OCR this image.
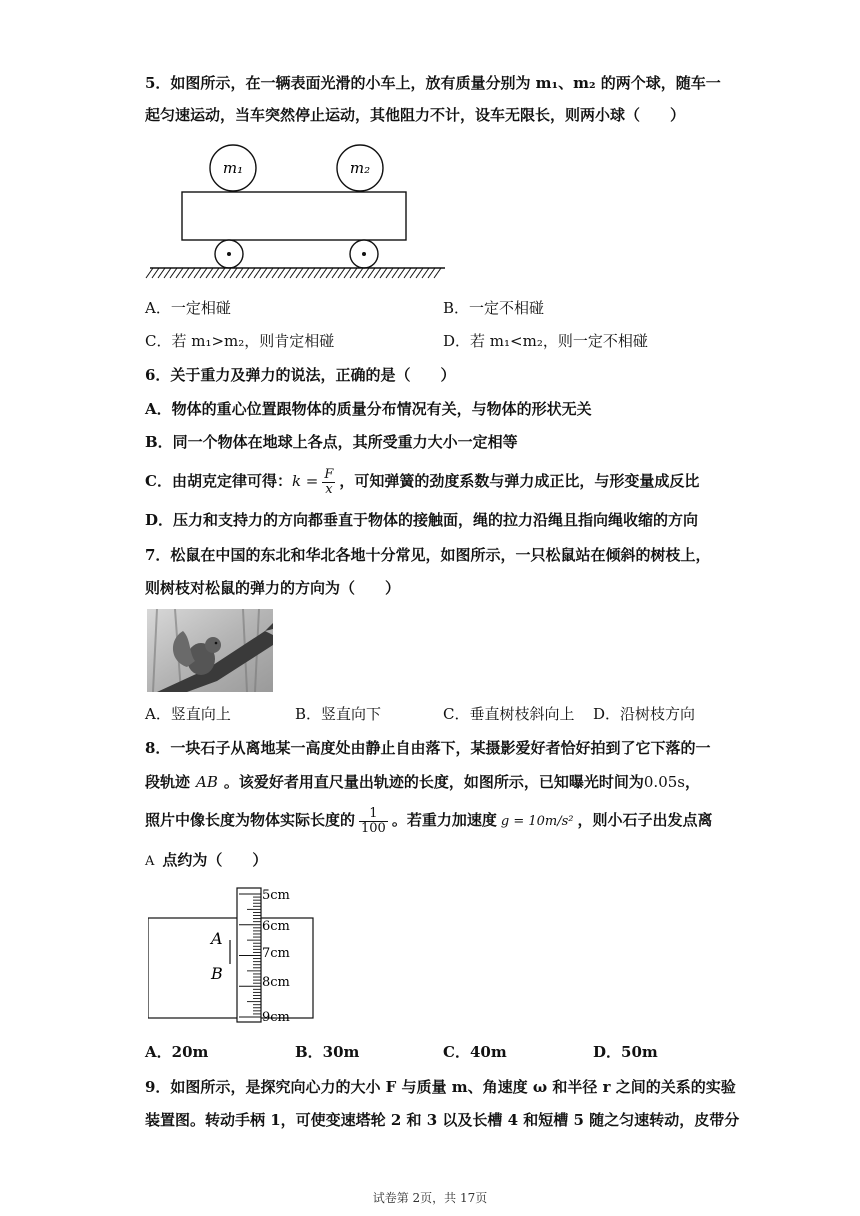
5．如图所示，在一辆表面光滑的小车上，放有质量分别为 m₁、m₂ 的两个球，随车一
起匀速运动，当车突然停止运动，其他阻力不计，设车无限长，则两小球（　　）
m₁	m₂
A．一定相碰	B．一定不相碰
C．若 m₁>m₂，则肯定相碰	D．若 m₁<m₂，则一定不相碰
6．关于重力及弹力的说法，正确的是（　　）
A．物体的重心位置跟物体的质量分布情况有关，与物体的形状无关
B．同一个物体在地球上各点，其所受重力大小一定相等
C．由胡克定律可得：$k = \frac{F}{x}$ ，可知弹簧的劲度系数与弹力成正比，与形变量成反比
D．压力和支持力的方向都垂直于物体的接触面，绳的拉力沿绳且指向绳收缩的方向
7．松鼠在中国的东北和华北各地十分常见，如图所示，一只松鼠站在倾斜的树枝上，
则树枝对松鼠的弹力的方向为（　　）
A．竖直向上	B．竖直向下	C．垂直树枝斜向上 D．沿树枝方向
8．一块石子从离地某一高度处由静止自由落下，某摄影爱好者恰好拍到了它下落的一
段轨迹 AB 。该爱好者用直尺量出轨迹的长度，如图所示，已知曝光时间为0.05s，
照片中像长度为物体实际长度的 $\frac{1}{100}$ 。若重力加速度 g = 10m/s² ，则小石子出发点离
A 点约为（　　）
A
B
5cm
6cm
7cm
8cm
9cm
A．20m	B．30m	C．40m	D．50m
9．如图所示，是探究向心力的大小 F 与质量 m、角速度 ω 和半径 r 之间的关系的实验
装置图。转动手柄 1，可使变速塔轮 2 和 3 以及长槽 4 和短槽 5 随之匀速转动，皮带分
试卷第 2页，共 17页
